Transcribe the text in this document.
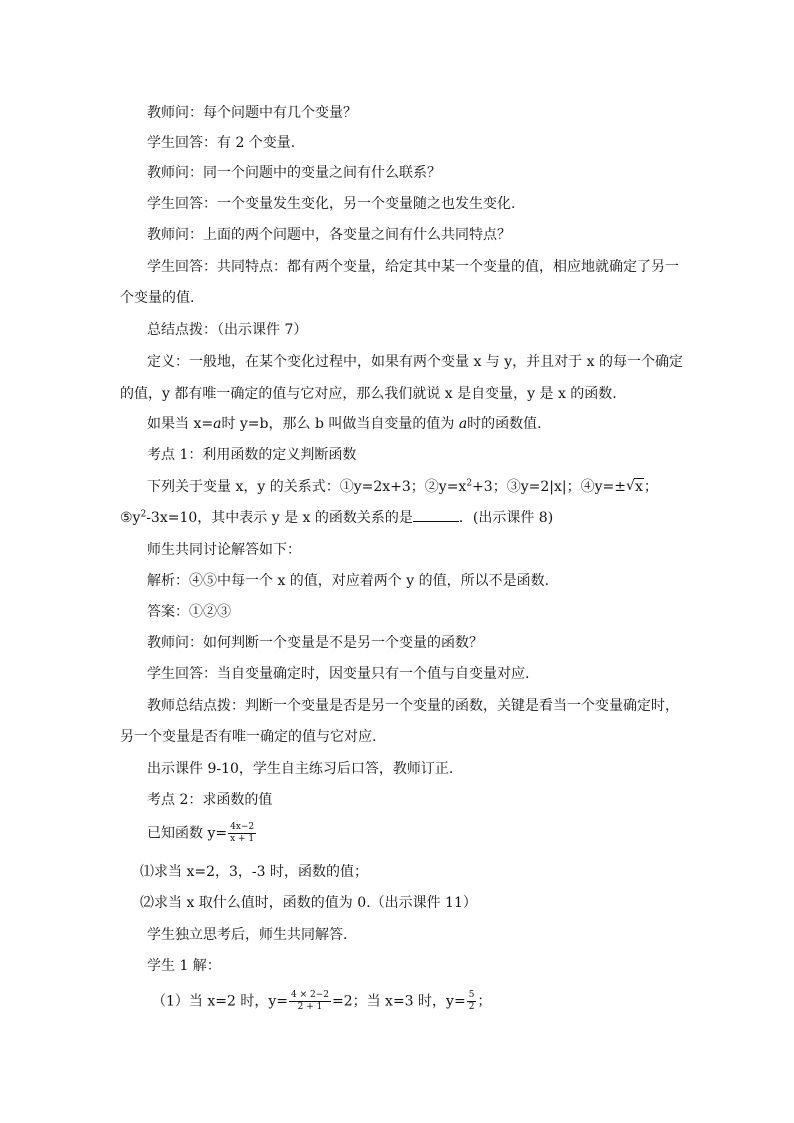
教师问：每个问题中有几个变量？
学生回答：有 2 个变量.
教师问：同一个问题中的变量之间有什么联系？
学生回答：一个变量发生变化，另一个变量随之也发生变化.
教师问：上面的两个问题中，各变量之间有什么共同特点？
学生回答：共同特点：都有两个变量，给定其中某一个变量的值，相应地就确定了另一
个变量的值.
总结点拨：（出示课件 7）
定义：一般地，在某个变化过程中，如果有两个变量 x 与 y，并且对于 x 的每一个确定
的值，y 都有唯一确定的值与它对应，那么我们就说 x 是自变量，y 是 x 的函数.
如果当 x=a时 y=b，那么 b 叫做当自变量的值为 a时的函数值.
考点 1：利用函数的定义判断函数
下列关于变量 x，y 的关系式：①y=2x+3；$②y=x^2+3$；③y=2|x|；④y=± √ x；
$⑤y^2-3x=10$，其中表示 y 是 x 的函数关系的是	．(出示课件 8)
师生共同讨论解答如下：
解析：④⑤中每一个 x 的值，对应着两个 y 的值，所以不是函数.
答案：①②③
教师问：如何判断一个变量是不是另一个变量的函数？
学生回答：当自变量确定时，因变量只有一个值与自变量对应.
教师总结点拨：判断一个变量是否是另一个变量的函数，关键是看当一个变量确定时，
另一个变量是否有唯一确定的值与它对应.
出示课件 9-10，学生自主练习后口答，教师订正.
考点 2：求函数的值
已知函数 $y= \frac{4x-2}{x + 1}$
⑴求当 x=2，3，-3 时，函数的值；
⑵求当 x 取什么值时，函数的值为 0.（出示课件 11）
学生独立思考后，师生共同解答.
学生 1 解：
（1）当 x=2 时，$y= \frac{4 \times 2-2}{2 + 1} =2$；当 x=3 时，$y= \frac{5}{2}$ ；
